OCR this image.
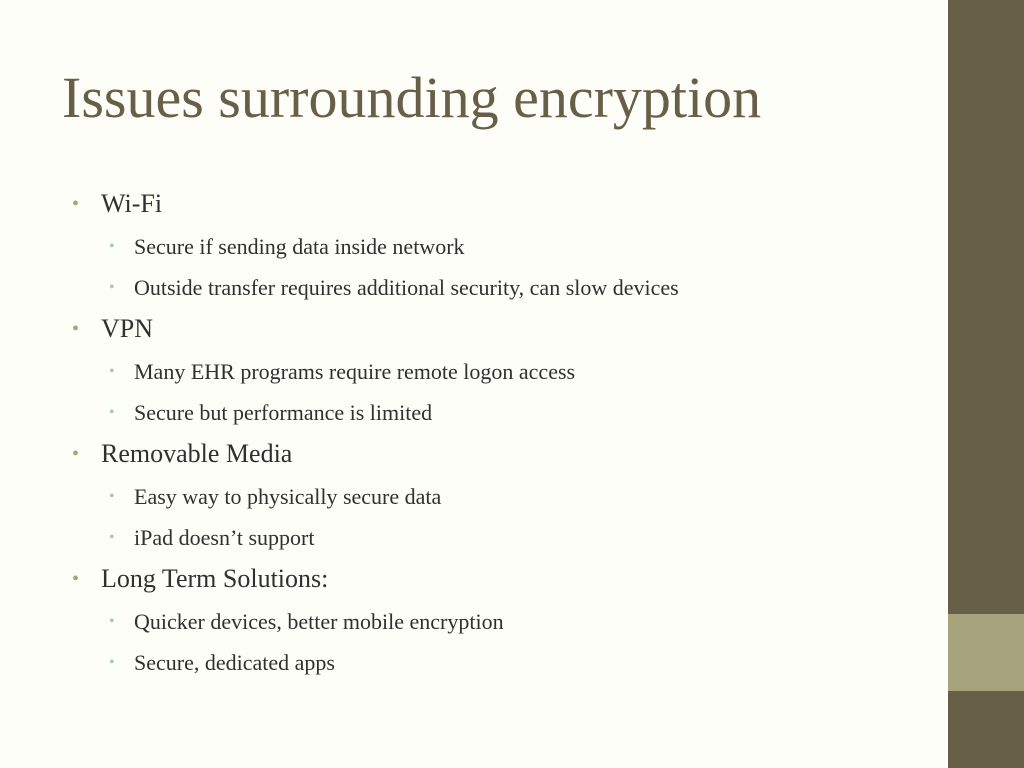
Issues surrounding encryption
• Wi-Fi
• Secure if sending data inside network
• Outside transfer requires additional security, can slow devices
• VPN
• Many EHR programs require remote logon access
• Secure but performance is limited
• Removable Media
• Easy way to physically secure data
• iPad doesn’t support
• Long Term Solutions:
• Quicker devices, better mobile encryption
• Secure, dedicated apps
